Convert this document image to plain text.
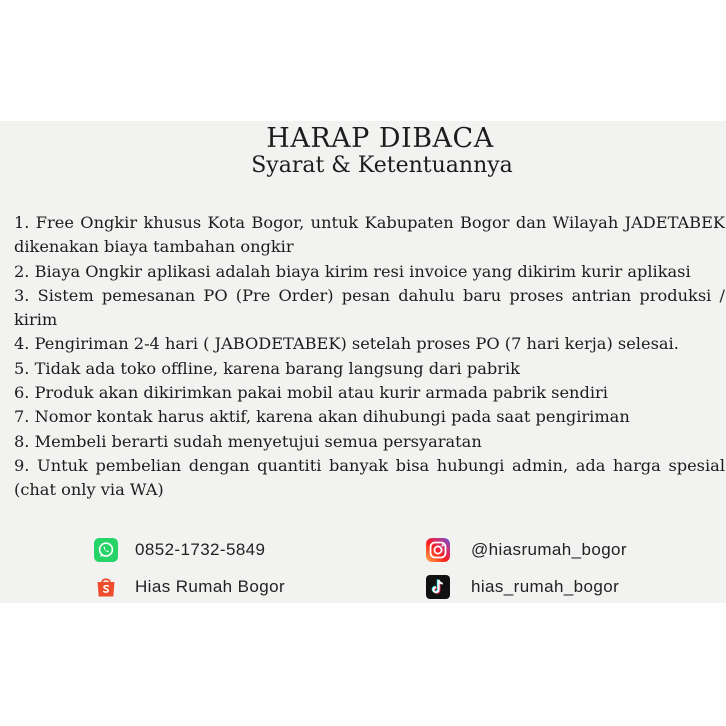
HARAP DIBACA
Syarat & Ketentuannya
1. Free Ongkir khusus Kota Bogor, untuk Kabupaten Bogor dan Wilayah JADETABEK dikenakan biaya tambahan ongkir
2. Biaya Ongkir aplikasi adalah biaya kirim resi invoice yang dikirim kurir aplikasi
3. Sistem pemesanan PO (Pre Order) pesan dahulu baru proses antrian produksi / kirim
4. Pengiriman 2-4 hari ( JABODETABEK) setelah proses PO (7 hari kerja) selesai.
5. Tidak ada toko offline, karena barang langsung dari pabrik
6. Produk akan dikirimkan pakai mobil atau kurir armada pabrik sendiri
7. Nomor kontak harus aktif, karena akan dihubungi pada saat pengiriman
8. Membeli berarti sudah menyetujui semua persyaratan
9. Untuk pembelian dengan quantiti banyak bisa hubungi admin, ada harga spesial (chat only via WA)
0852-1732-5849	@hiasrumah_bogor
Hias Rumah Bogor	hias_rumah_bogor
